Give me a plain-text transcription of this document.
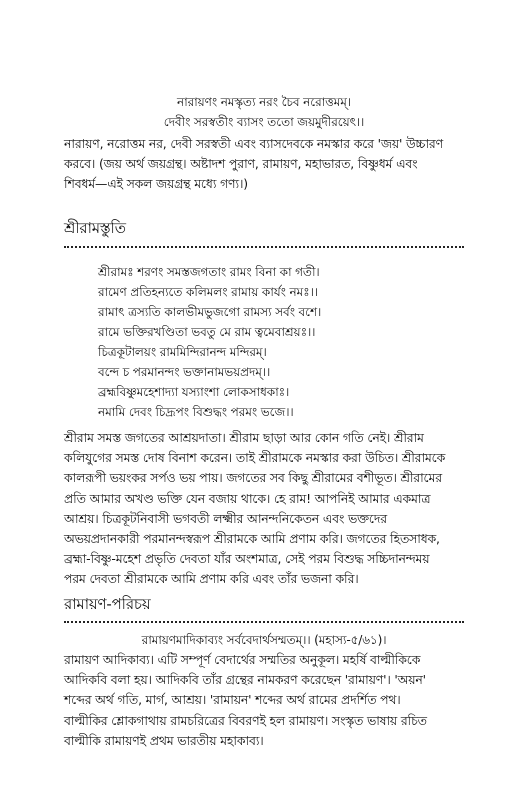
নারায়ণং নমস্কৃত্য নরং চৈব নরোত্তমম্।
দেবীং সরস্বতীং ব্যাসং ততো জয়মুদীরয়েৎ।।
নারায়ণ, নরোত্তম নর, দেবী সরস্বতী এবং ব্যাসদেবকে নমস্কার করে 'জয়' উচ্চারণ
করবে। (জয় অর্থ জয়গ্রন্থ। অষ্টাদশ পুরাণ, রামায়ণ, মহাভারত, বিষ্ণুধর্ম এবং
শিবধর্ম—এই সকল জয়গ্রন্থ মধ্যে গণ্য।)
শ্রীরামস্তুতি
শ্রীরামঃ শরণং সমস্তজগতাং রামং বিনা কা গতী।
রামেণ প্রতিহন্যতে কলিমলং রামায় কার্যং নমঃ।।
রামাৎ ত্রস্যতি কালভীমভুজগো রামস্য সর্বং বশে।
রামে ভক্তিরখণ্ডিতা ভবতু মে রাম ত্বমেবাশ্রয়ঃ।।
চিত্রকূটালয়ং রামমিন্দিরানন্দ মন্দিরম্।
বন্দে চ পরমানন্দং ভক্তানামভয়প্রদম্।।
ব্রহ্মবিষ্ণুমহেশাদ্যা যস্যাংশা লোকসাধকাঃ।
নমামি দেবং চিদ্রূপং বিশুদ্ধং পরমং ভজে।।
শ্রীরাম সমস্ত জগতের আশ্রয়দাতা। শ্রীরাম ছাড়া আর কোন গতি নেই। শ্রীরাম
কলিযুগের সমস্ত দোষ বিনাশ করেন। তাই শ্রীরামকে নমস্কার করা উচিত। শ্রীরামকে
কালরূপী ভয়ংকর সর্পও ভয় পায়। জগতের সব কিছু শ্রীরামের বশীভূত। শ্রীরামের
প্রতি আমার অখণ্ড ভক্তি যেন বজায় থাকে। হে রাম! আপনিই আমার একমাত্র
আশ্রয়। চিত্রকূটনিবাসী ভগবতী লক্ষ্মীর আনন্দনিকেতন এবং ভক্তদের
অভয়প্রদানকারী পরমানন্দস্বরূপ শ্রীরামকে আমি প্রণাম করি। জগতের হিতসাধক,
ব্রহ্মা-বিষ্ণু-মহেশ প্রভৃতি দেবতা যাঁর অংশমাত্র, সেই পরম বিশুদ্ধ সচ্চিদানন্দময়
পরম দেবতা শ্রীরামকে আমি প্রণাম করি এবং তাঁর ভজনা করি।
রামায়ণ-পরিচয়
রামায়ণমাদিকাব্যং সর্ববেদার্থসম্মতম্।। (মহাস্য-৫/৬১)।
রামায়ণ আদিকাব্য। এটি সম্পূর্ণ বেদার্থের সম্মতির অনুকূল। মহর্ষি বাল্মীকিকে
আদিকবি বলা হয়। আদিকবি তাঁর গ্রন্থের নামকরণ করেছেন 'রামায়ণ'। 'অয়ন'
শব্দের অর্থ গতি, মার্গ, আশ্রয়। 'রামায়ন' শব্দের অর্থ রামের প্রদর্শিত পথ।
বাল্মীকির শ্লোকগাথায় রামচরিত্রের বিবরণই হল রামায়ণ। সংস্কৃত ভাষায় রচিত
বাল্মীকি রামায়ণই প্রথম ভারতীয় মহাকাব্য।
